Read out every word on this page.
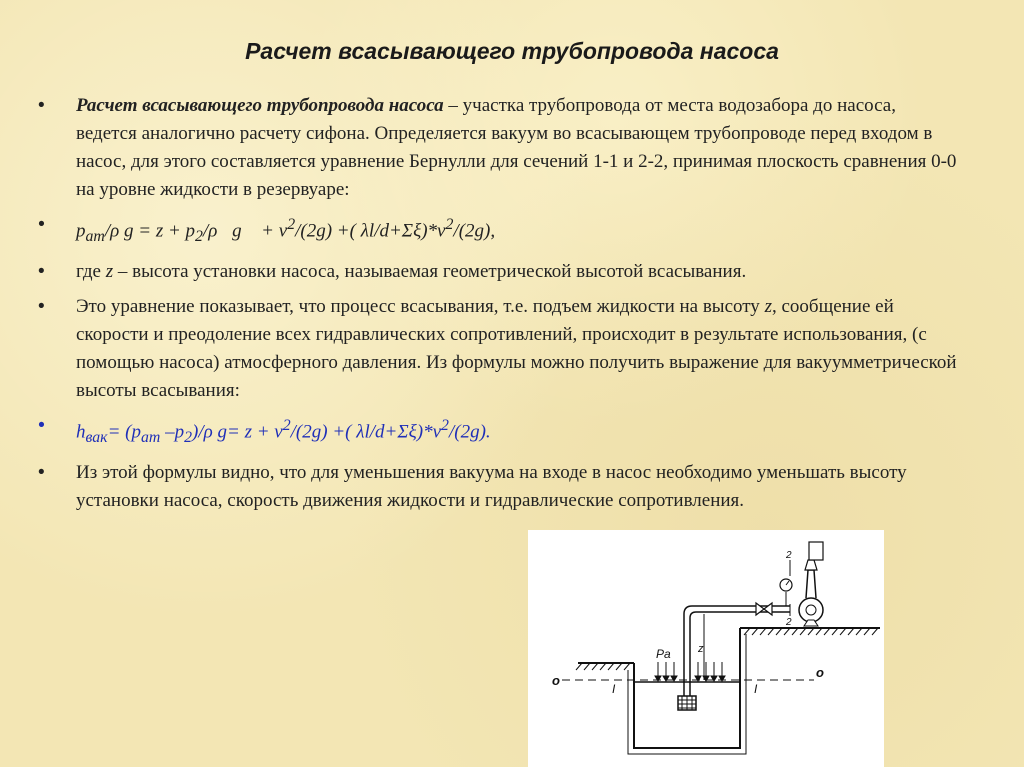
Расчет всасывающего трубопровода насоса
• Расчет всасывающего трубопровода насоса – участка трубопровода от места водозабора до насоса, ведется аналогично расчету сифона. Определяется вакуум во всасывающем трубопроводе перед входом в насос, для этого составляется уравнение Бернулли для сечений 1-1 и 2-2, принимая плоскость сравнения 0-0 на уровне жидкости в резервуаре:
• $p_{ат}/\rho$ $g = z + p_2/\rho⃞g$ ⃞+ $v^2/(2g)$ +( $\lambda l/d+\Sigma\xi)*v^2/(2g)$,
• где z – высота установки насоса, называемая геометрической высотой всасывания.
• Это уравнение показывает, что процесс всасывания, т.е. подъем жидкости на высоту z, сообщение ей скорости и преодоление всех гидравлических сопротивлений, происходит в результате использования, (с помощью насоса) атмосферного давления. Из формулы можно получить выражение для вакуумметрической высоты всасывания:
• $h_{вак}= (p_{ат}$ $-p_2)/\rho$ $g= z + v^2/(2g)$ +( $\lambda l/d+\Sigma\xi)*v^2/(2g)$.
• Из этой формулы видно, что для уменьшения вакуума на входе в насос необходимо уменьшать высоту установки насоса, скорость движения жидкости и гидравлические сопротивления.
o
o
I	I
Pa z
2
2
